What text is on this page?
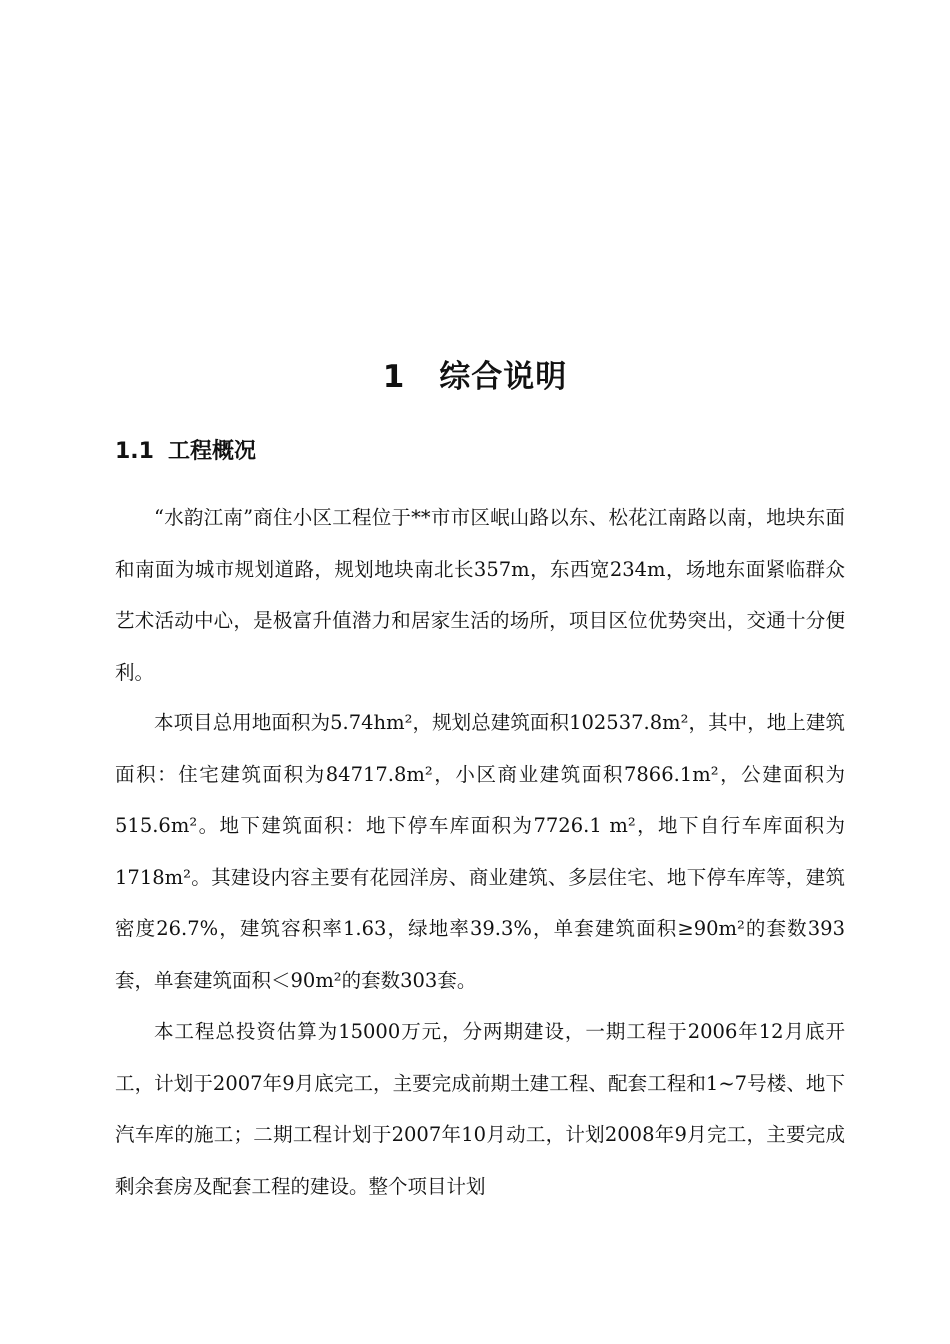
1 综合说明
1.1 工程概况

“水韵江南”商住小区工程位于**市市区岷山路以东、松花江南路以南，地块东面和南面为城市规划道路，规划地块南北长357m，东西宽234m，场地东面紧临群众艺术活动中心，是极富升值潜力和居家生活的场所，项目区位优势突出，交通十分便利。

本项目总用地面积为5.74hm²，规划总建筑面积102537.8m²，其中，地上建筑面积：住宅建筑面积为84717.8m²，小区商业建筑面积7866.1m²，公建面积为515.6m²。地下建筑面积：地下停车库面积为7726.1 m²，地下自行车库面积为1718m²。其建设内容主要有花园洋房、商业建筑、多层住宅、地下停车库等，建筑密度26.7%，建筑容积率1.63，绿地率39.3%，单套建筑面积≥90m²的套数393套，单套建筑面积＜90m²的套数303套。

本工程总投资估算为15000万元，分两期建设，一期工程于2006年12月底开工，计划于2007年9月底完工，主要完成前期土建工程、配套工程和1~7号楼、地下汽车库的施工；二期工程计划于2007年10月动工，计划2008年9月完工，主要完成剩余套房及配套工程的建设。整个项目计划
